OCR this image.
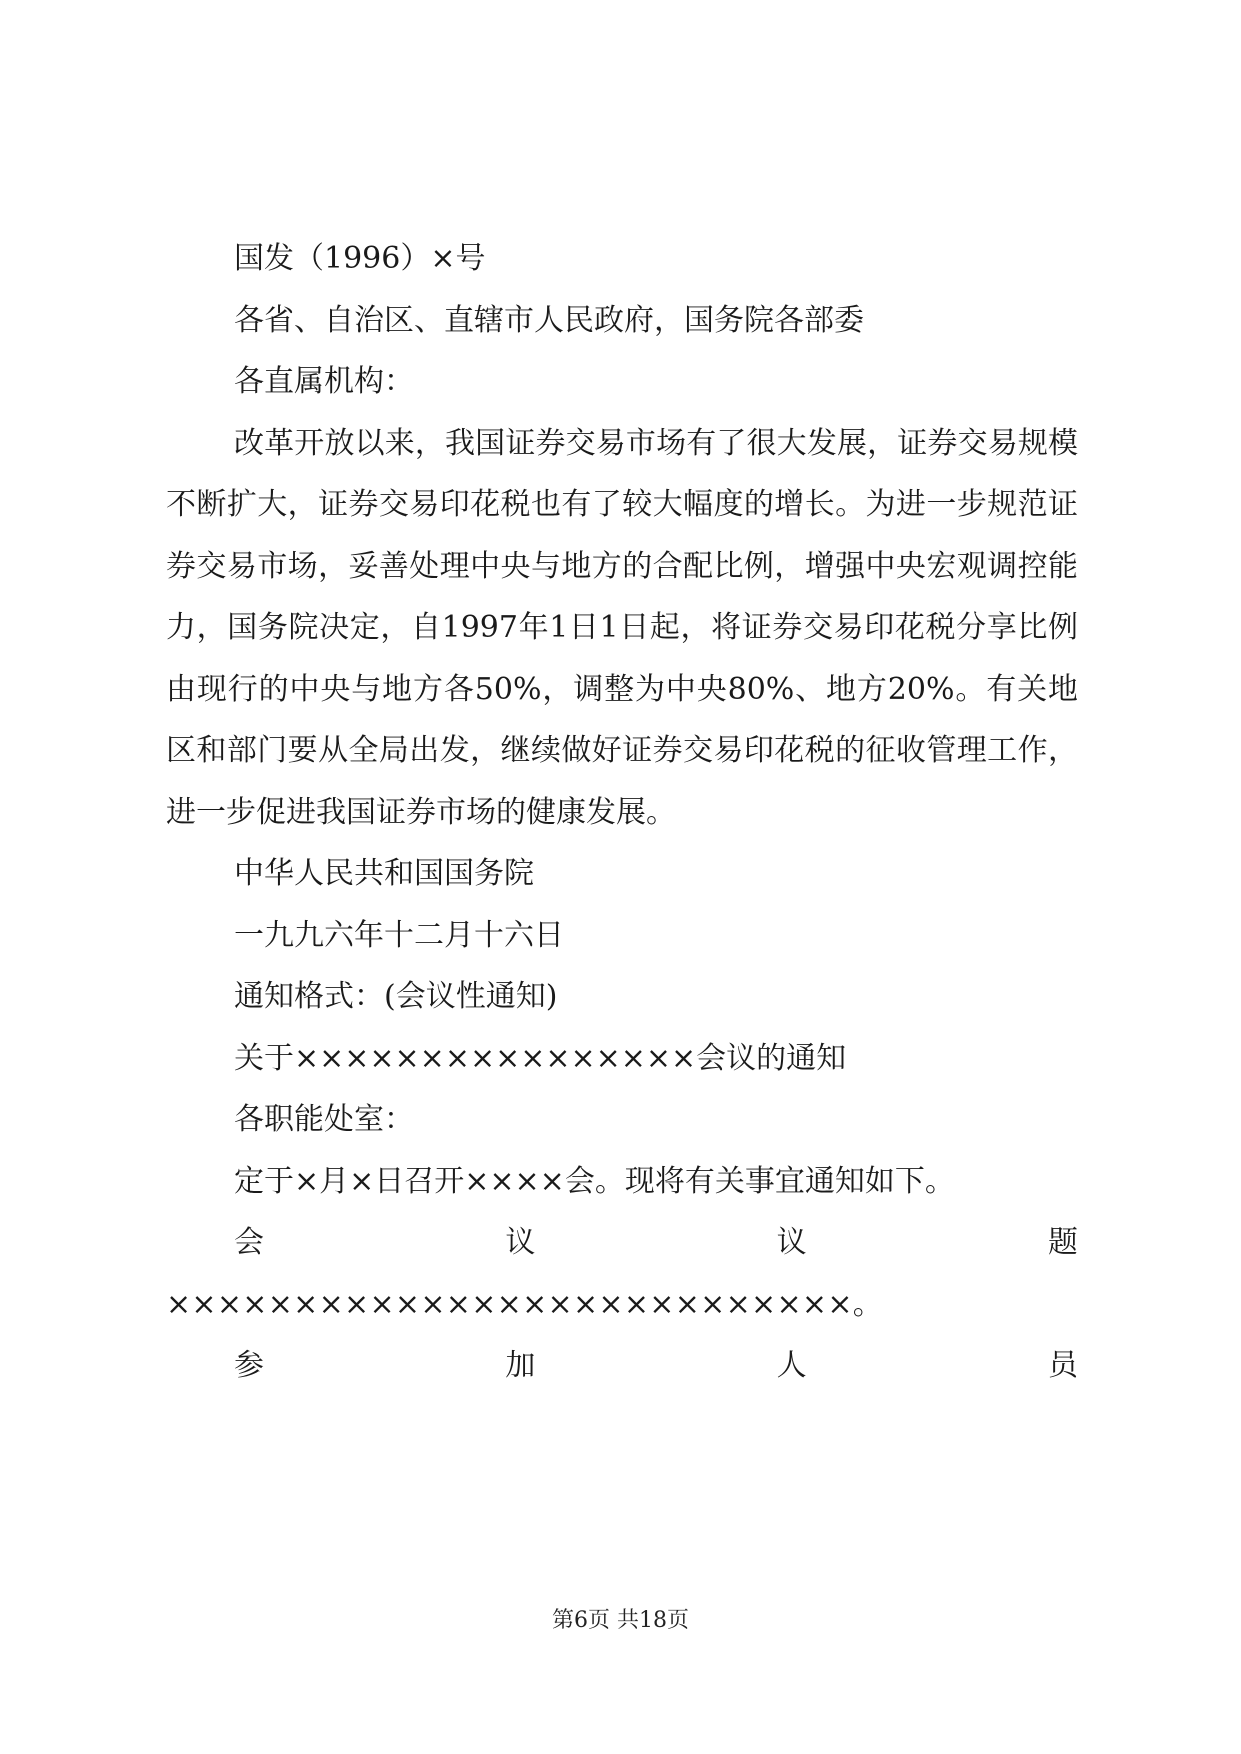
国发（1996）×号
各省、自治区、直辖市人民政府，国务院各部委
各直属机构：
改革开放以来，我国证券交易市场有了很大发展，证券交易规模不断扩大，证券交易印花税也有了较大幅度的增长。为进一步规范证券交易市场，妥善处理中央与地方的合配比例，增强中央宏观调控能力，国务院决定，自1997年1日1日起，将证券交易印花税分享比例由现行的中央与地方各50%，调整为中央80%、地方20%。有关地区和部门要从全局出发，继续做好证券交易印花税的征收管理工作，进一步促进我国证券市场的健康发展。
中华人民共和国国务院
一九九六年十二月十六日
通知格式：(会议性通知)
关于××××××××××××××××会议的通知
各职能处室：
定于×月×日召开××××会。现将有关事宜通知如下。
会	议	议	题
×××××××××××××××××××××××××××。
参	加	人	员
第6页 共18页
